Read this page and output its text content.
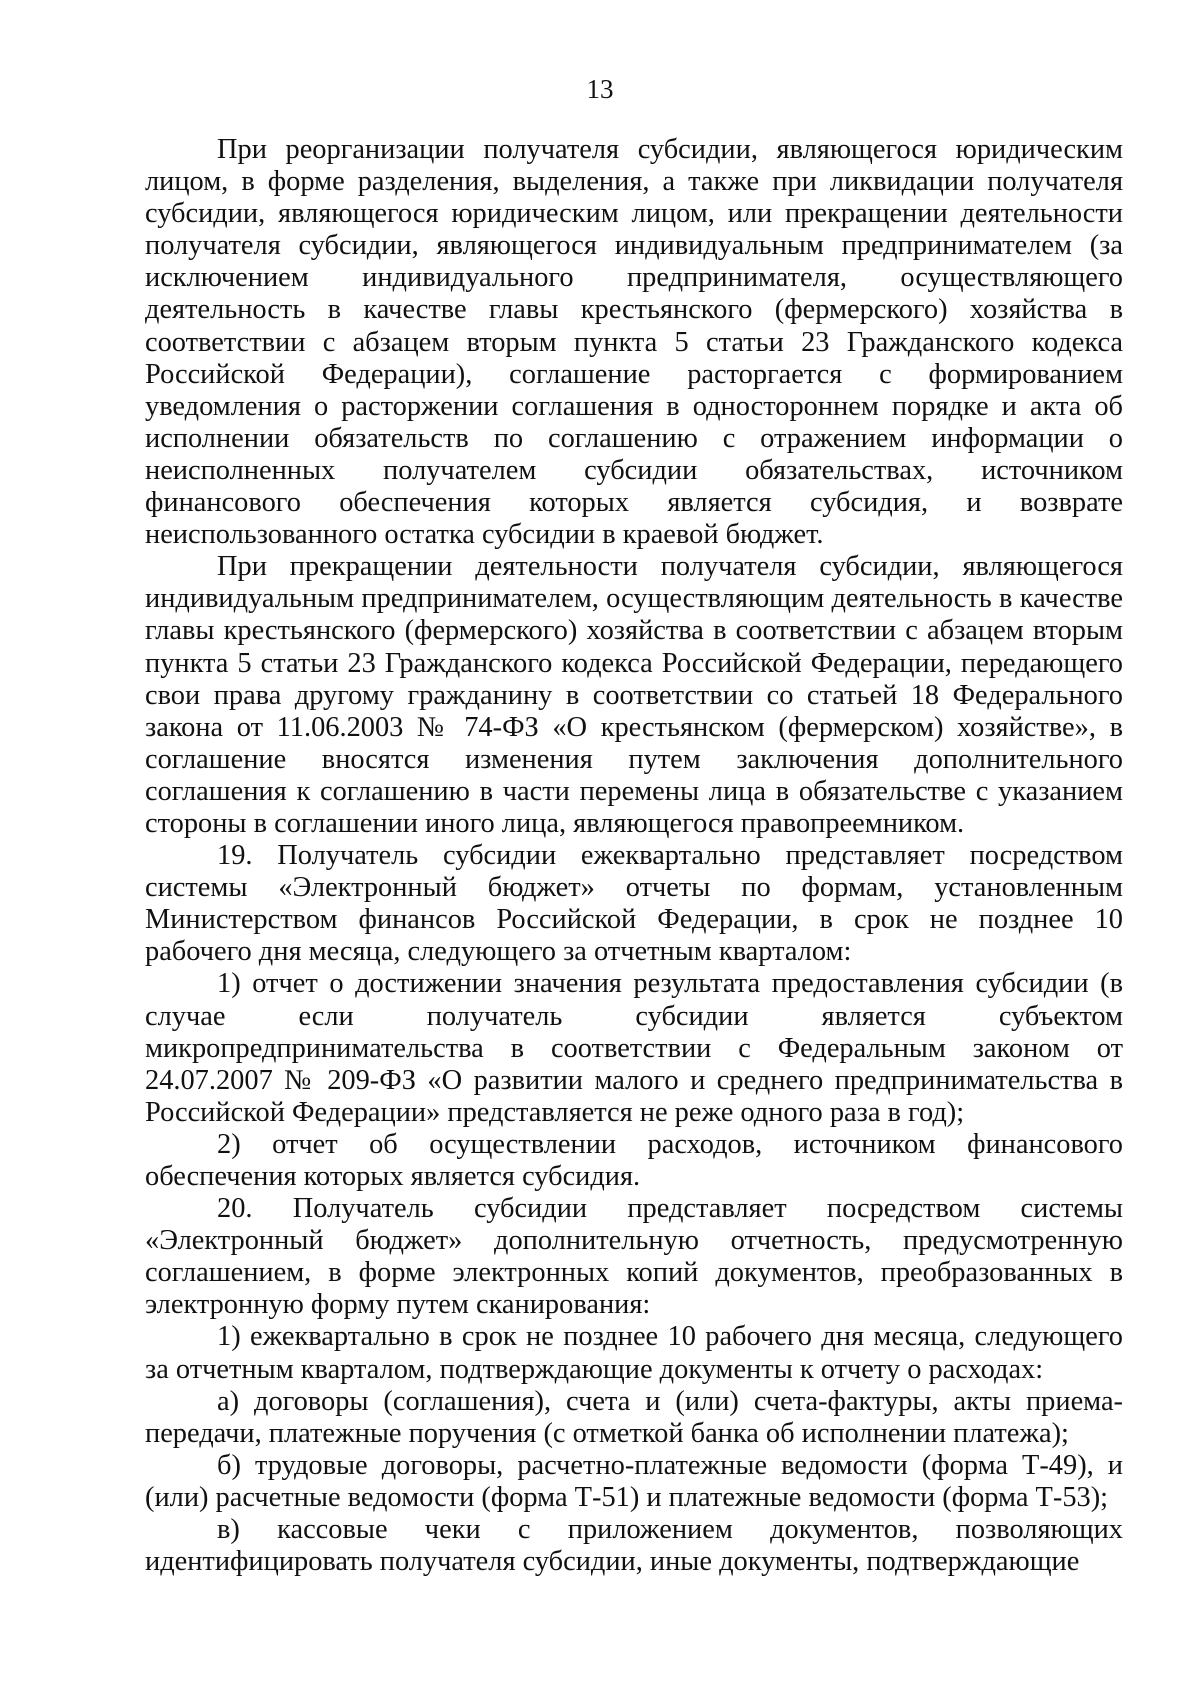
13

При реорганизации получателя субсидии, являющегося юридическим лицом, в форме разделения, выделения, а также при ликвидации получателя субсидии, являющегося юридическим лицом, или прекращении деятельности получателя субсидии, являющегося индивидуальным предпринимателем (за исключением индивидуального предпринимателя, осуществляющего деятельность в качестве главы крестьянского (фермерского) хозяйства в соответствии с абзацем вторым пункта 5 статьи 23 Гражданского кодекса Российской Федерации), соглашение расторгается с формированием уведомления о расторжении соглашения в одностороннем порядке и акта об исполнении обязательств по соглашению с отражением информации о неисполненных получателем субсидии обязательствах, источником финансового обеспечения которых является субсидия, и возврате неиспользованного остатка субсидии в краевой бюджет.

При прекращении деятельности получателя субсидии, являющегося индивидуальным предпринимателем, осуществляющим деятельность в качестве главы крестьянского (фермерского) хозяйства в соответствии с абзацем вторым пункта 5 статьи 23 Гражданского кодекса Российской Федерации, передающего свои права другому гражданину в соответствии со статьей 18 Федерального закона от 11.06.2003 № 74-ФЗ «О крестьянском (фермерском) хозяйстве», в соглашение вносятся изменения путем заключения дополнительного соглашения к соглашению в части перемены лица в обязательстве с указанием стороны в соглашении иного лица, являющегося правопреемником.

19. Получатель субсидии ежеквартально представляет посредством системы «Электронный бюджет» отчеты по формам, установленным Министерством финансов Российской Федерации, в срок не позднее 10 рабочего дня месяца, следующего за отчетным кварталом:

1) отчет о достижении значения результата предоставления субсидии (в случае если получатель субсидии является субъектом микропредпринимательства в соответствии с Федеральным законом от 24.07.2007 № 209-ФЗ «О развитии малого и среднего предпринимательства в Российской Федерации» представляется не реже одного раза в год);

2) отчет об осуществлении расходов, источником финансового обеспечения которых является субсидия.

20. Получатель субсидии представляет посредством системы «Электронный бюджет» дополнительную отчетность, предусмотренную соглашением, в форме электронных копий документов, преобразованных в электронную форму путем сканирования:

1) ежеквартально в срок не позднее 10 рабочего дня месяца, следующего за отчетным кварталом, подтверждающие документы к отчету о расходах:

а) договоры (соглашения), счета и (или) счета-фактуры, акты приема-передачи, платежные поручения (с отметкой банка об исполнении платежа);

б) трудовые договоры, расчетно-платежные ведомости (форма Т-49), и (или) расчетные ведомости (форма Т-51) и платежные ведомости (форма Т-53);

в) кассовые чеки с приложением документов, позволяющих идентифицировать получателя субсидии, иные документы, подтверждающие
